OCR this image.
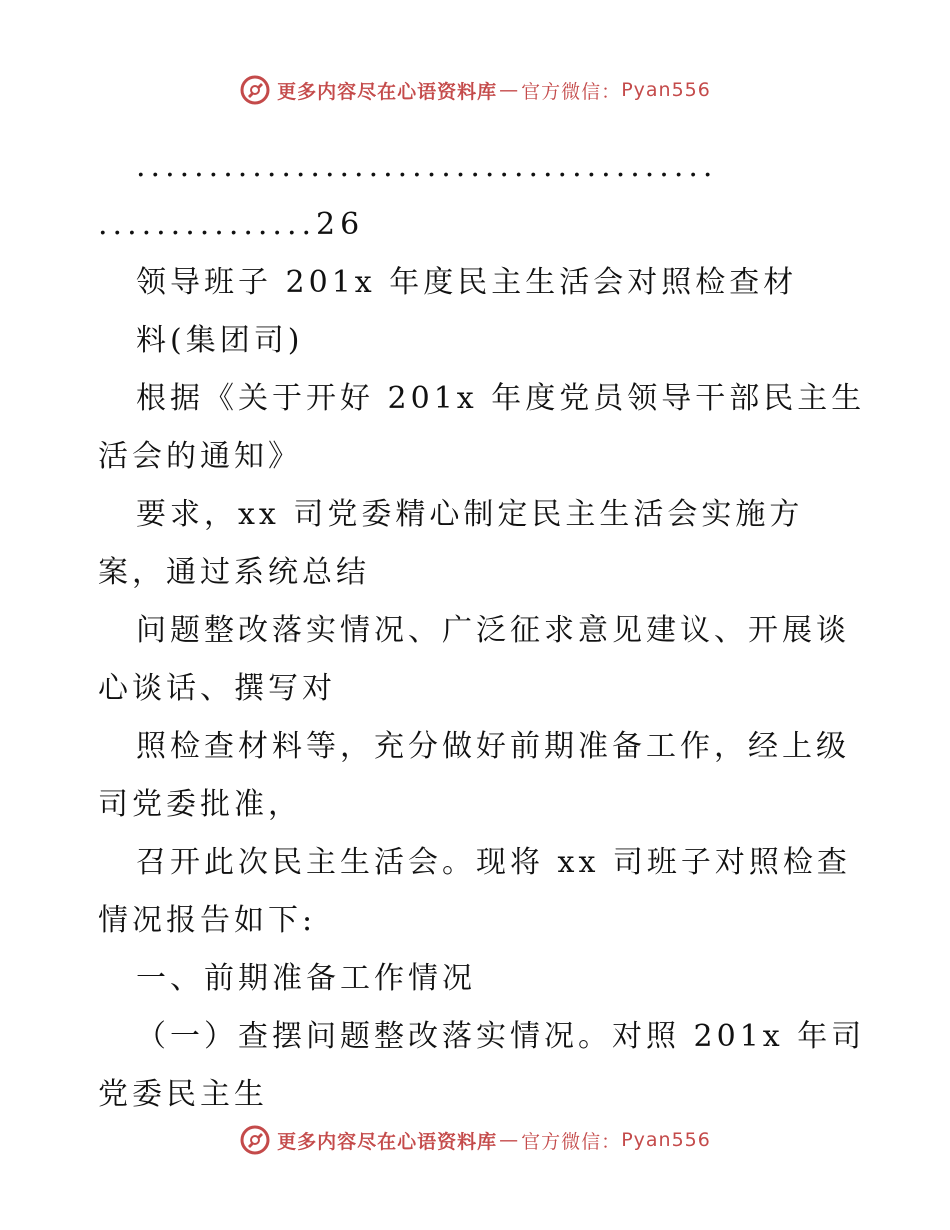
更多内容尽在心语资料库 — 官方微信： Pyan556
........................................
...............26
领导班子 201x 年度民主生活会对照检查材
料(集团司)
根据《关于开好 201x 年度党员领导干部民主生
活会的通知》
要求，xx 司党委精心制定民主生活会实施方
案，通过系统总结
问题整改落实情况、广泛征求意见建议、开展谈
心谈话、撰写对
照检查材料等，充分做好前期准备工作，经上级
司党委批准，
召开此次民主生活会。现将 xx 司班子对照检查
情况报告如下:
一、前期准备工作情况
（一）查摆问题整改落实情况。对照 201x 年司
党委民主生
更多内容尽在心语资料库 — 官方微信： Pyan556
